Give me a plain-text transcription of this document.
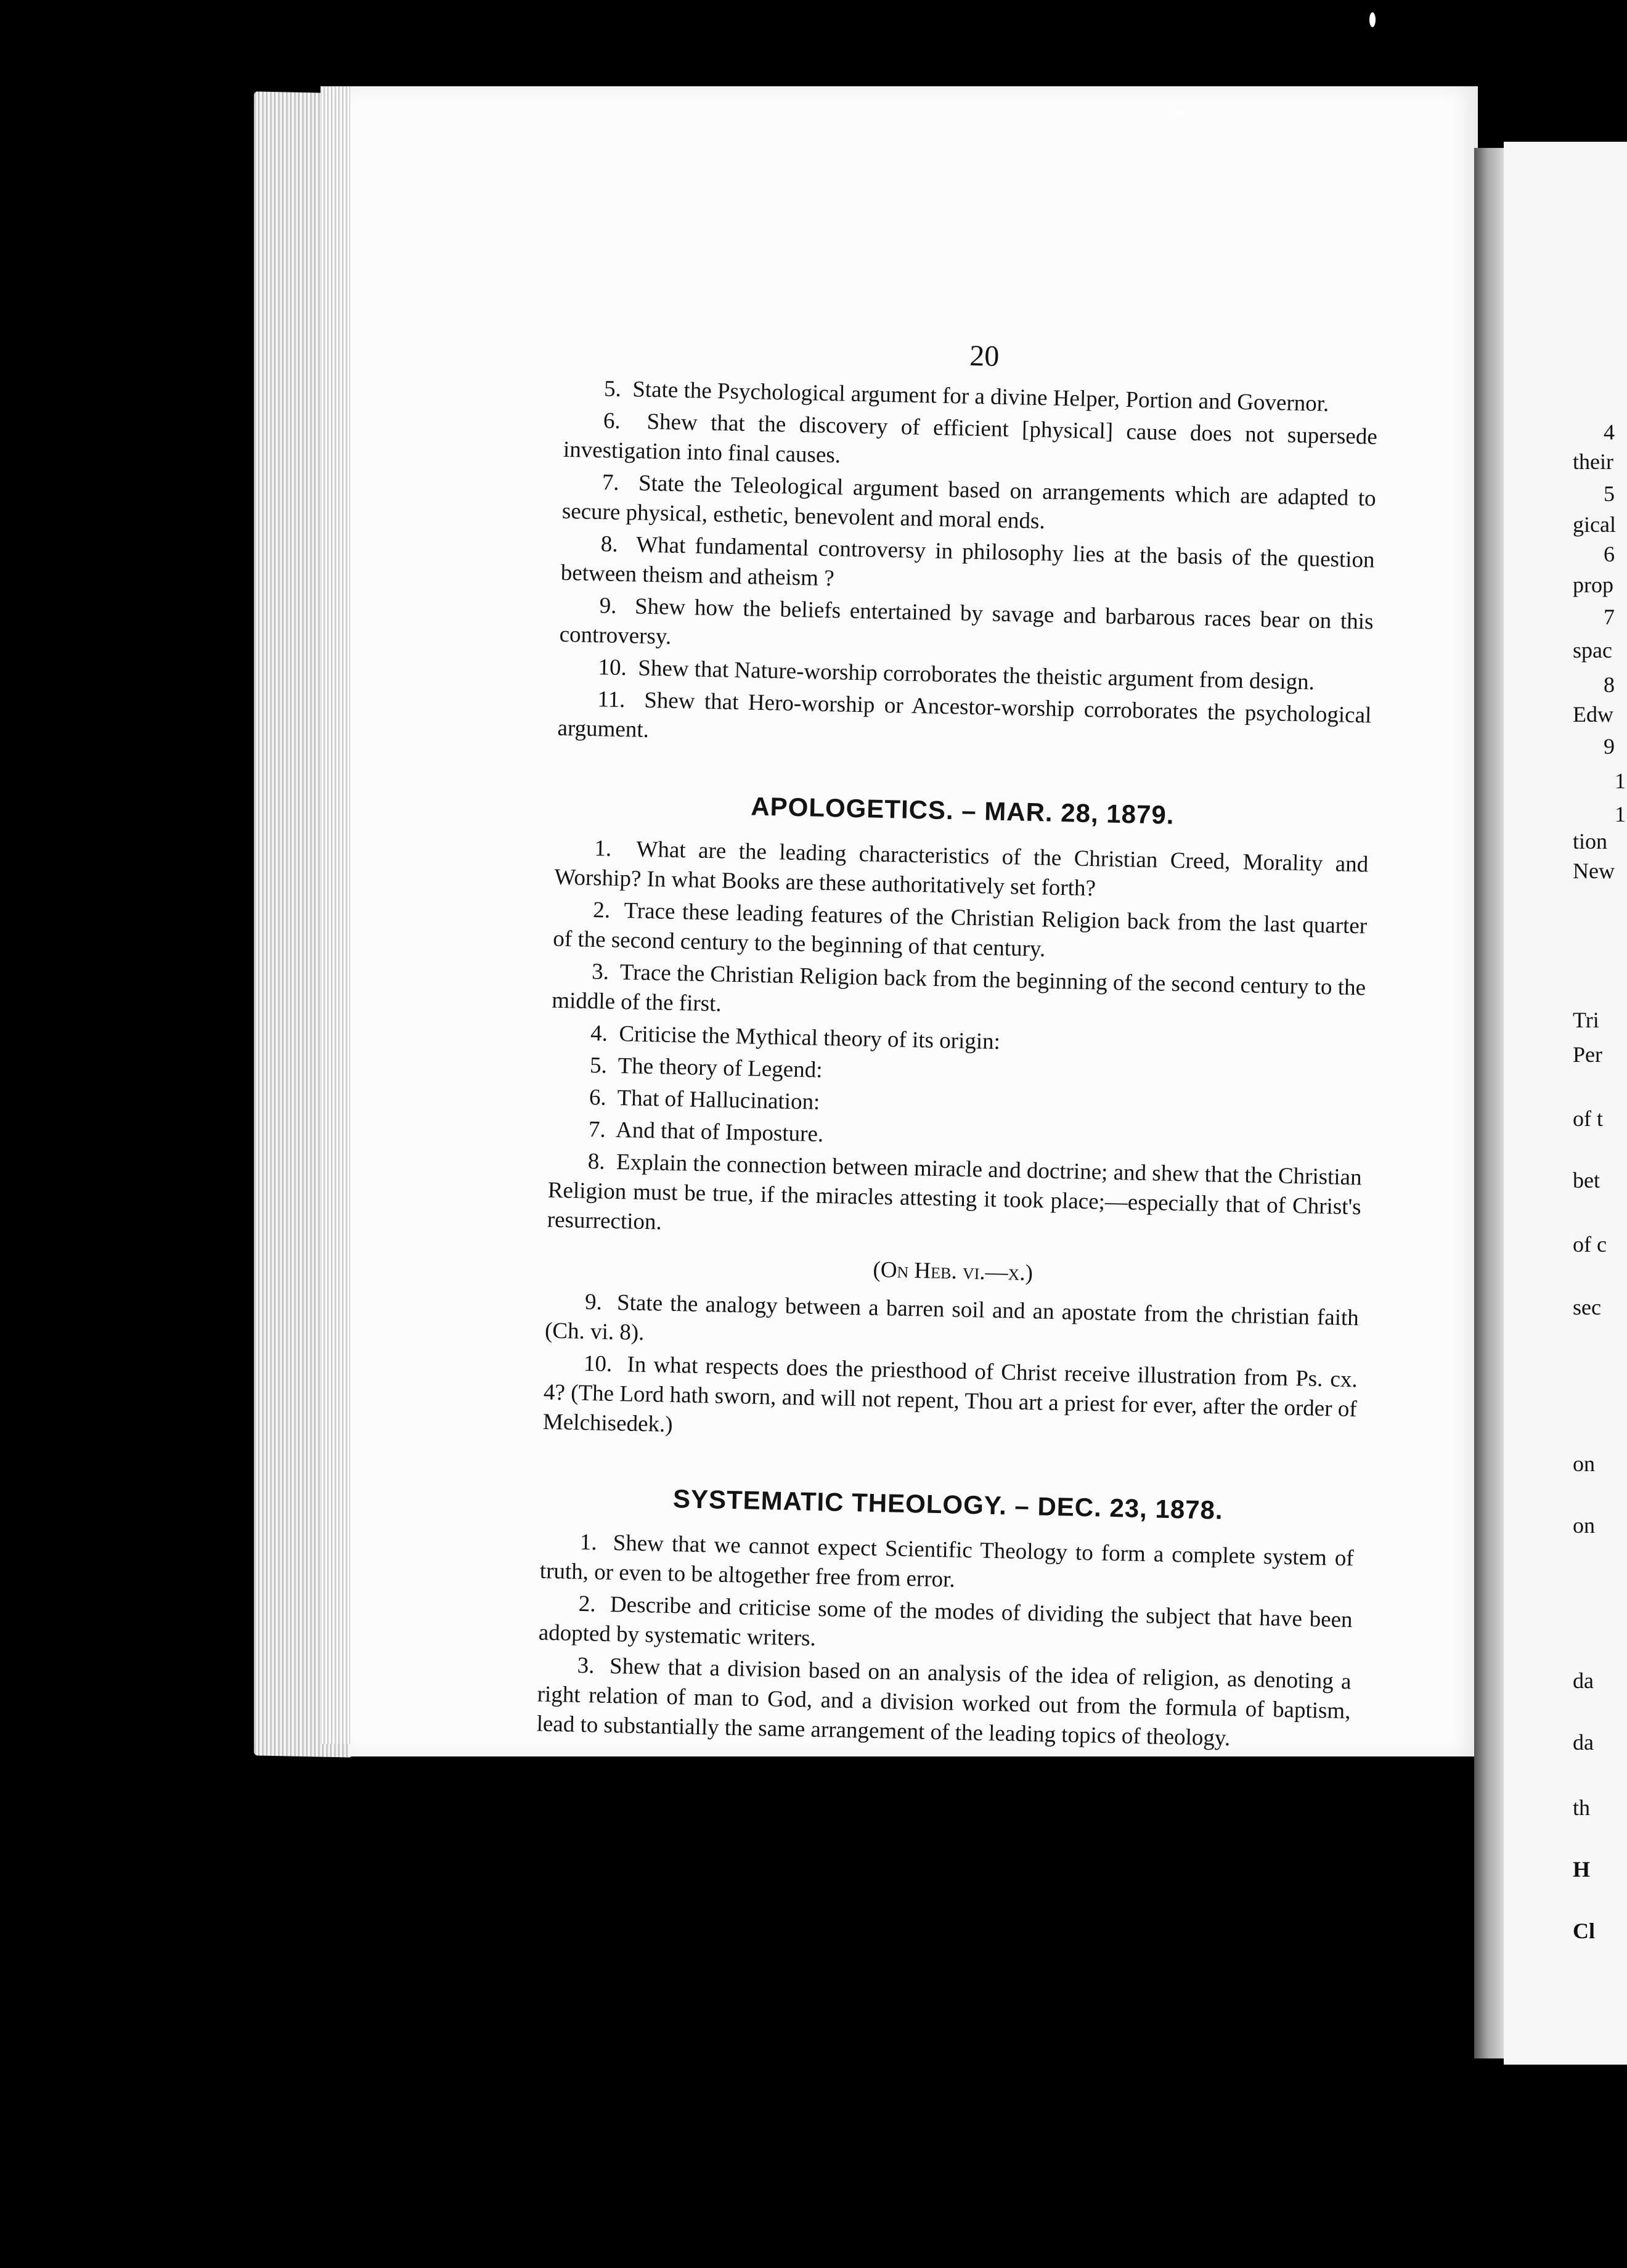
20

5. State the Psychological argument for a divine Helper, Portion and Governor.

6. Shew that the discovery of efficient [physical] cause does not supersede investigation into final causes.

7. State the Teleological argument based on arrangements which are adapted to secure physical, esthetic, benevolent and moral ends.

8. What fundamental controversy in philosophy lies at the basis of the question between theism and atheism ?

9. Shew how the beliefs entertained by savage and barbarous races bear on this controversy.

10. Shew that Nature-worship corroborates the theistic argument from design.

11. Shew that Hero-worship or Ancestor-worship corroborates the psychological argument.

APOLOGETICS. – MAR. 28, 1879.

1. What are the leading characteristics of the Christian Creed, Morality and Worship? In what Books are these authoritatively set forth?

2. Trace these leading features of the Christian Religion back from the last quarter of the second century to the beginning of that century.

3. Trace the Christian Religion back from the beginning of the second century to the middle of the first.

4. Criticise the Mythical theory of its origin:

5. The theory of Legend:

6. That of Hallucination:

7. And that of Imposture.

8. Explain the connection between miracle and doctrine; and shew that the Christian Religion must be true, if the miracles attesting it took place;—especially that of Christ's resurrection.

(On Heb. vi.—x.)

9. State the analogy between a barren soil and an apostate from the christian faith (Ch. vi. 8).

10. In what respects does the priesthood of Christ receive illustration from Ps. cx. 4? (The Lord hath sworn, and will not repent, Thou art a priest for ever, after the order of Melchisedek.)

SYSTEMATIC THEOLOGY. – DEC. 23, 1878.

1. Shew that we cannot expect Scientific Theology to form a complete system of truth, or even to be altogether free from error.

2. Describe and criticise some of the modes of dividing the subject that have been adopted by systematic writers.

3. Shew that a division based on an analysis of the idea of religion, as denoting a right relation of man to God, and a division worked out from the formula of baptism, lead to substantially the same arrangement of the leading topics of theology.

4
their
5
gical
6
prop
7
spac
8
Edw
9
1
1
tion
New
Tri
Per
of t
bet
of c
sec
on
on
da
da
th
H
Cl
